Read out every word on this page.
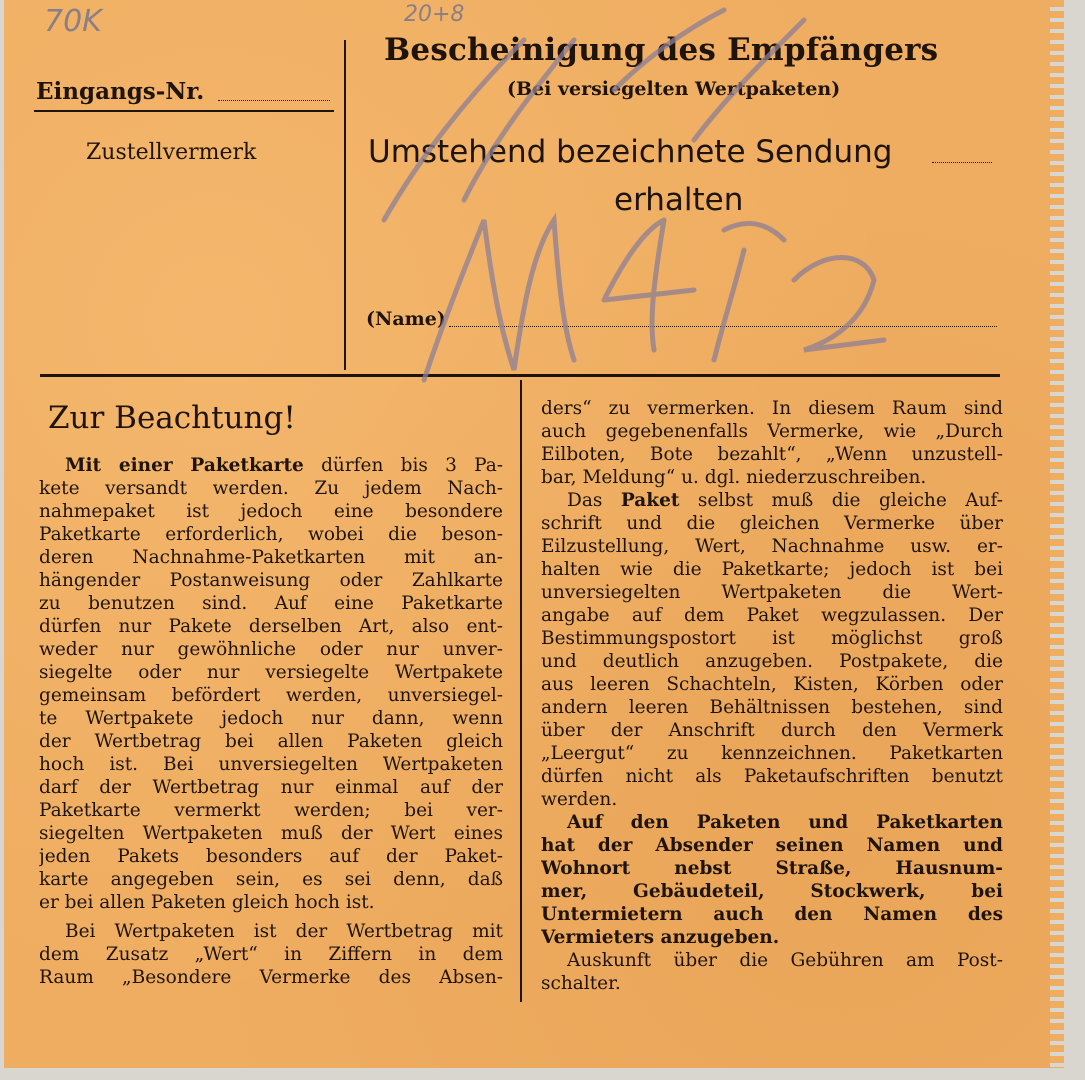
70K	20+8
Eingangs-Nr.
Zustellvermerk
Bescheinigung des Empfängers
(Bei versiegelten Wertpaketen)
Umstehend bezeichnete Sendung
erhalten
(Name)
Zur Beachtung!
Mit einer Paketkarte dürfen bis 3 Pa-
kete versandt werden. Zu jedem Nach-
nahmepaket ist jedoch eine besondere
Paketkarte erforderlich, wobei die beson-
deren Nachnahme-Paketkarten mit an-
hängender Postanweisung oder Zahlkarte
zu benutzen sind. Auf eine Paketkarte
dürfen nur Pakete derselben Art, also ent-
weder nur gewöhnliche oder nur unver-
siegelte oder nur versiegelte Wertpakete
gemeinsam befördert werden, unversiegel-
te Wertpakete jedoch nur dann, wenn
der Wertbetrag bei allen Paketen gleich
hoch ist. Bei unversiegelten Wertpaketen
darf der Wertbetrag nur einmal auf der
Paketkarte vermerkt werden; bei ver-
siegelten Wertpaketen muß der Wert eines
jeden Pakets besonders auf der Paket-
karte angegeben sein, es sei denn, daß
er bei allen Paketen gleich hoch ist.
Bei Wertpaketen ist der Wertbetrag mit
dem Zusatz „Wert“ in Ziffern in dem
Raum „Besondere Vermerke des Absen-
ders“ zu vermerken. In diesem Raum sind
auch gegebenenfalls Vermerke, wie „Durch
Eilboten, Bote bezahlt“, „Wenn unzustell-
bar, Meldung“ u. dgl. niederzuschreiben.
Das Paket selbst muß die gleiche Auf-
schrift und die gleichen Vermerke über
Eilzustellung, Wert, Nachnahme usw. er-
halten wie die Paketkarte; jedoch ist bei
unversiegelten Wertpaketen die Wert-
angabe auf dem Paket wegzulassen. Der
Bestimmungspostort ist möglichst groß
und deutlich anzugeben. Postpakete, die
aus leeren Schachteln, Kisten, Körben oder
andern leeren Behältnissen bestehen, sind
über der Anschrift durch den Vermerk
„Leergut“ zu kennzeichnen. Paketkarten
dürfen nicht als Paketaufschriften benutzt
werden.
Auf den Paketen und Paketkarten
hat der Absender seinen Namen und
Wohnort nebst Straße, Hausnum-
mer, Gebäudeteil, Stockwerk, bei
Untermietern auch den Namen des
Vermieters anzugeben.
Auskunft über die Gebühren am Post-
schalter.
